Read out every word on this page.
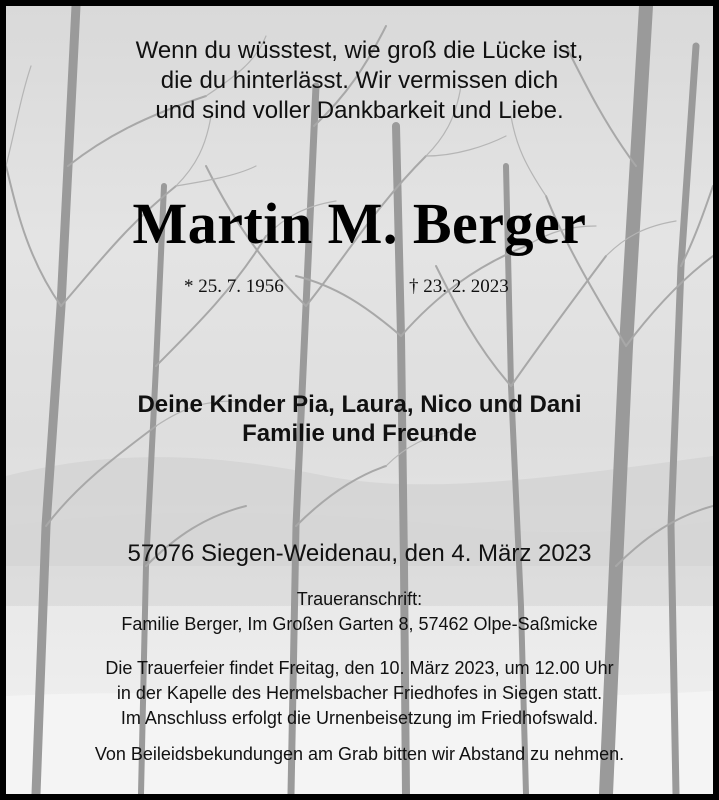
Wenn du wüsstest, wie groß die Lücke ist,
die du hinterlässt. Wir vermissen dich
und sind voller Dankbarkeit und Liebe.
Martin M. Berger
* 25. 7. 1956	† 23. 2. 2023
Deine Kinder Pia, Laura, Nico und Dani
Familie und Freunde
57076 Siegen-Weidenau, den 4. März 2023
Traueranschrift:
Familie Berger, Im Großen Garten 8, 57462 Olpe-Saßmicke
Die Trauerfeier findet Freitag, den 10. März 2023, um 12.00 Uhr
in der Kapelle des Hermelsbacher Friedhofes in Siegen statt.
Im Anschluss erfolgt die Urnenbeisetzung im Friedhofswald.
Von Beileidsbekundungen am Grab bitten wir Abstand zu nehmen.
